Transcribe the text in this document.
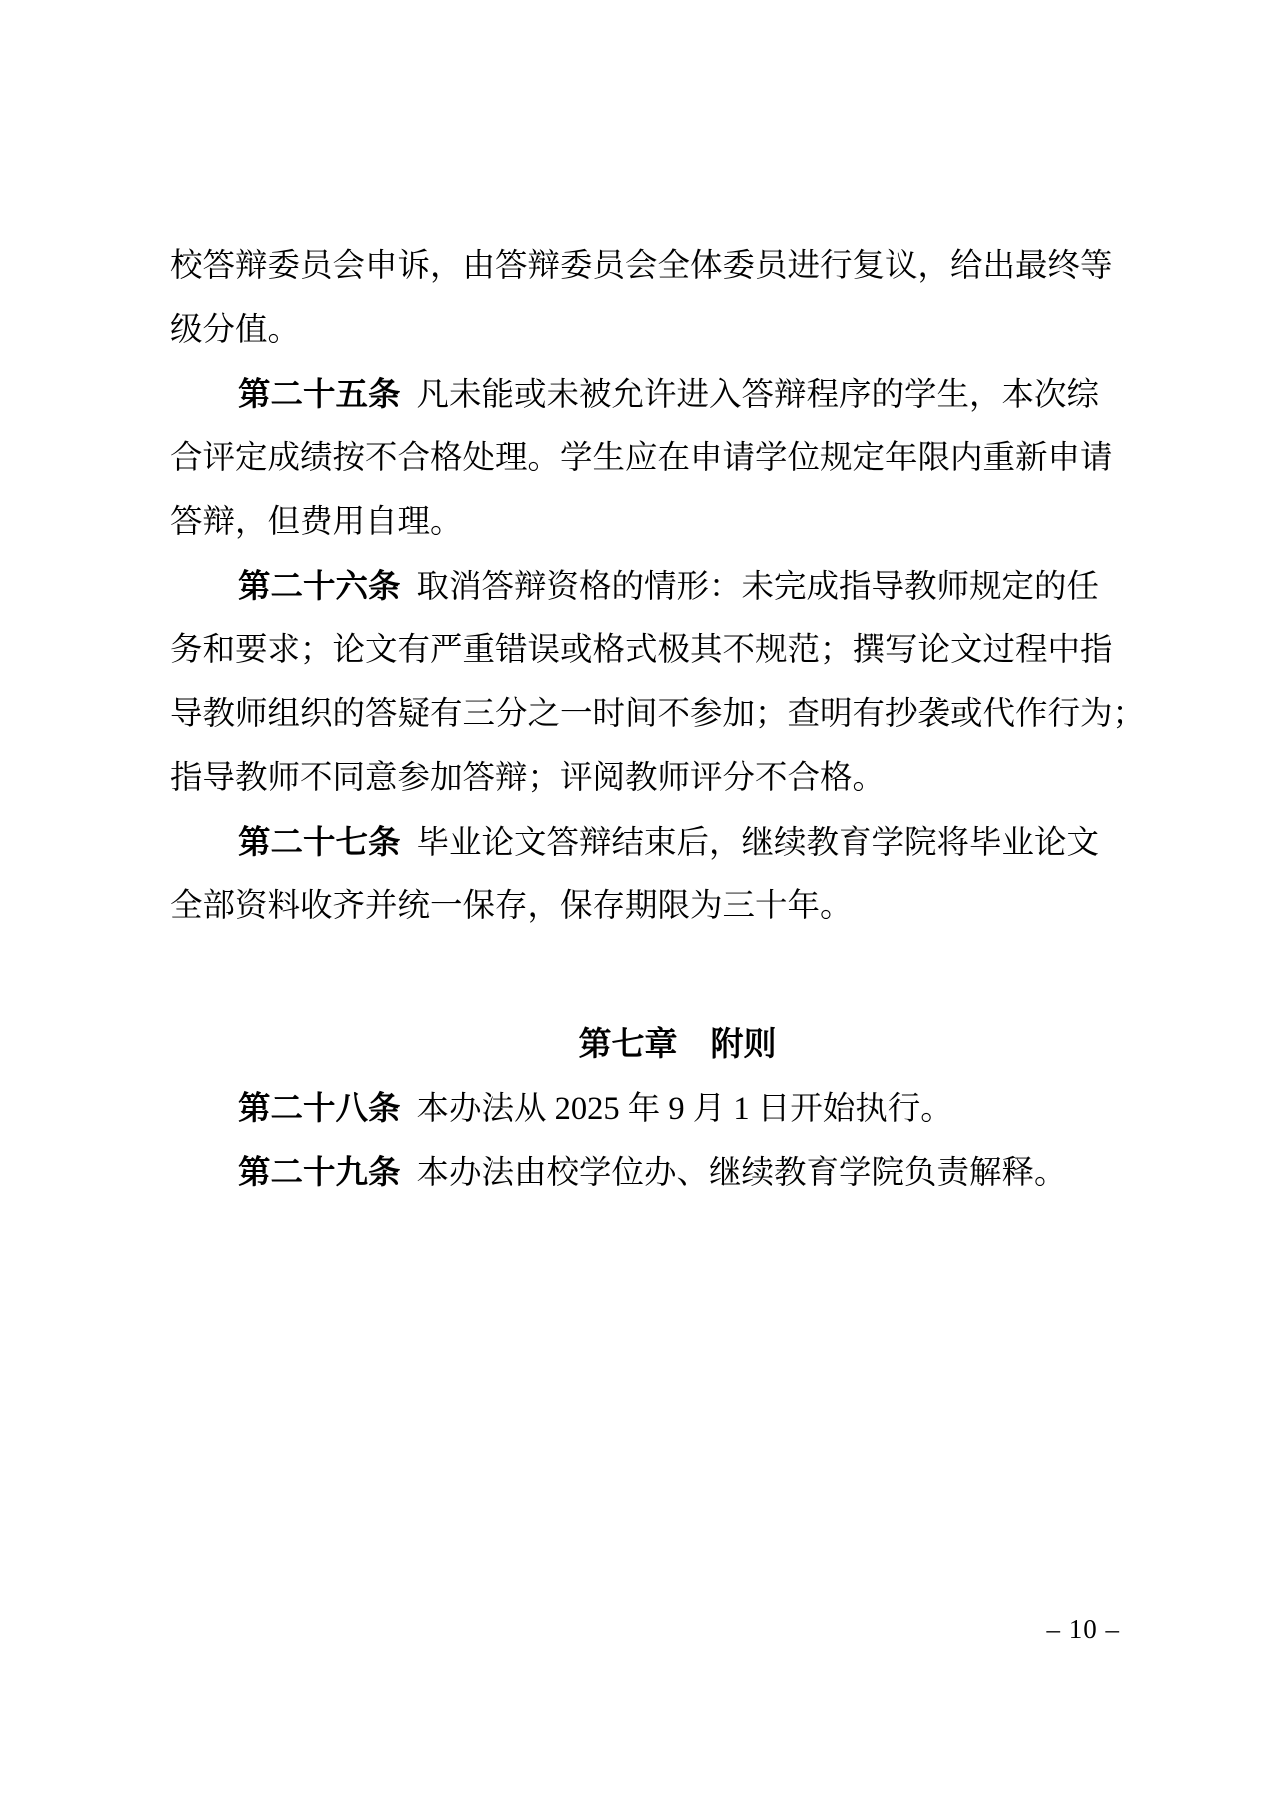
校答辩委员会申诉，由答辩委员会全体委员进行复议，给出最终等
级分值。
第二十五条 凡未能或未被允许进入答辩程序的学生，本次综
合评定成绩按不合格处理。学生应在申请学位规定年限内重新申请
答辩，但费用自理。
第二十六条 取消答辩资格的情形：未完成指导教师规定的任
务和要求；论文有严重错误或格式极其不规范；撰写论文过程中指
导教师组织的答疑有三分之一时间不参加；查明有抄袭或代作行为；
指导教师不同意参加答辩；评阅教师评分不合格。
第二十七条 毕业论文答辩结束后，继续教育学院将毕业论文
全部资料收齐并统一保存，保存期限为三十年。
第七章　附则
第二十八条 本办法从 2025 年 9 月 1 日开始执行。
第二十九条 本办法由校学位办、继续教育学院负责解释。
– 10 –
